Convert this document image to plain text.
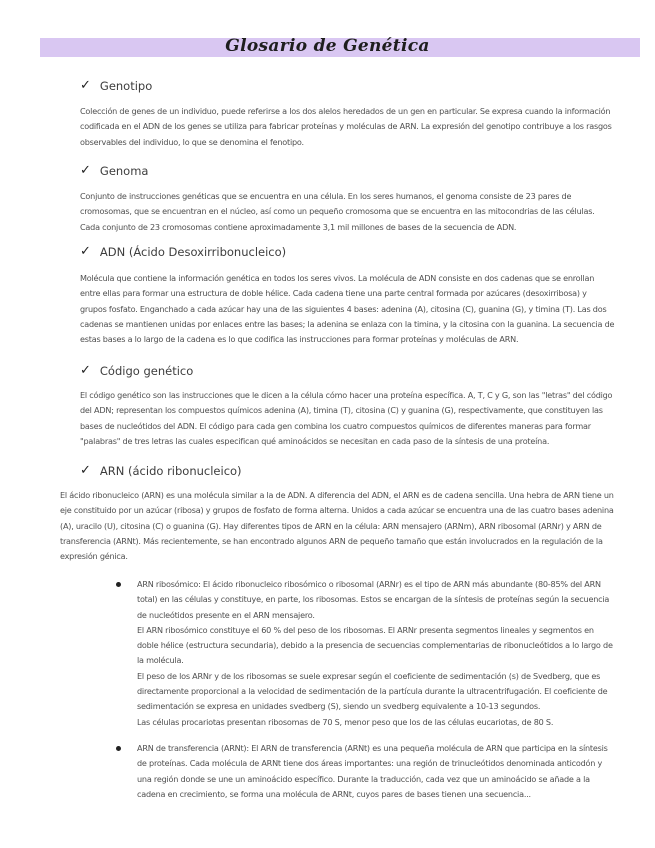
Glosario de Genética
✓ Genotipo

Colección de genes de un individuo, puede referirse a los dos alelos heredados de un gen en particular. Se expresa cuando la información codificada en el ADN de los genes se utiliza para fabricar proteínas y moléculas de ARN. La expresión del genotipo contribuye a los rasgos observables del individuo, lo que se denomina el fenotipo.

✓ Genoma

Conjunto de instrucciones genéticas que se encuentra en una célula. En los seres humanos, el genoma consiste de 23 pares de cromosomas, que se encuentran en el núcleo, así como un pequeño cromosoma que se encuentra en las mitocondrias de las células. Cada conjunto de 23 cromosomas contiene aproximadamente 3,1 mil millones de bases de la secuencia de ADN.

✓ ADN (Ácido Desoxirribonucleico)

Molécula que contiene la información genética en todos los seres vivos. La molécula de ADN consiste en dos cadenas que se enrollan entre ellas para formar una estructura de doble hélice. Cada cadena tiene una parte central formada por azúcares (desoxirribosa) y grupos fosfato. Enganchado a cada azúcar hay una de las siguientes 4 bases: adenina (A), citosina (C), guanina (G), y timina (T). Las dos cadenas se mantienen unidas por enlaces entre las bases; la adenina se enlaza con la timina, y la citosina con la guanina. La secuencia de estas bases a lo largo de la cadena es lo que codifica las instrucciones para formar proteínas y moléculas de ARN.

✓ Código genético

El código genético son las instrucciones que le dicen a la célula cómo hacer una proteína específica. A, T, C y G, son las "letras" del código del ADN; representan los compuestos químicos adenina (A), timina (T), citosina (C) y guanina (G), respectivamente, que constituyen las bases de nucleótidos del ADN. El código para cada gen combina los cuatro compuestos químicos de diferentes maneras para formar "palabras" de tres letras las cuales especifican qué aminoácidos se necesitan en cada paso de la síntesis de una proteína.

✓ ARN (ácido ribonucleico)

El ácido ribonucleico (ARN) es una molécula similar a la de ADN. A diferencia del ADN, el ARN es de cadena sencilla. Una hebra de ARN tiene un eje constituido por un azúcar (ribosa) y grupos de fosfato de forma alterna. Unidos a cada azúcar se encuentra una de las cuatro bases adenina (A), uracilo (U), citosina (C) o guanina (G). Hay diferentes tipos de ARN en la célula: ARN mensajero (ARNm), ARN ribosomal (ARNr) y ARN de transferencia (ARNt). Más recientemente, se han encontrado algunos ARN de pequeño tamaño que están involucrados en la regulación de la expresión génica.

ARN ribosómico: El ácido ribonucleico ribosómico o ribosomal (ARNr) es el tipo de ARN más abundante (80-85% del ARN total) en las células y constituye, en parte, los ribosomas. Estos se encargan de la síntesis de proteínas según la secuencia de nucleótidos presente en el ARN mensajero.

El ARN ribosómico constituye el 60 % del peso de los ribosomas. El ARNr presenta segmentos lineales y segmentos en doble hélice (estructura secundaria), debido a la presencia de secuencias complementarias de ribonucleótidos a lo largo de la molécula.

El peso de los ARNr y de los ribosomas se suele expresar según el coeficiente de sedimentación (s) de Svedberg, que es directamente proporcional a la velocidad de sedimentación de la partícula durante la ultracentrifugación. El coeficiente de sedimentación se expresa en unidades svedberg (S), siendo un svedberg equivalente a 10-13 segundos.

Las células procariotas presentan ribosomas de 70 S, menor peso que los de las células eucariotas, de 80 S.

ARN de transferencia (ARNt): El ARN de transferencia (ARNt) es una pequeña molécula de ARN que participa en la síntesis de proteínas. Cada molécula de ARNt tiene dos áreas importantes: una región de trinucleótidos denominada anticodón y una región donde se une un aminoácido específico. Durante la traducción, cada vez que un aminoácido se añade a la cadena en crecimiento, se forma una molécula de ARNt, cuyos pares de bases tienen una secuencia...
